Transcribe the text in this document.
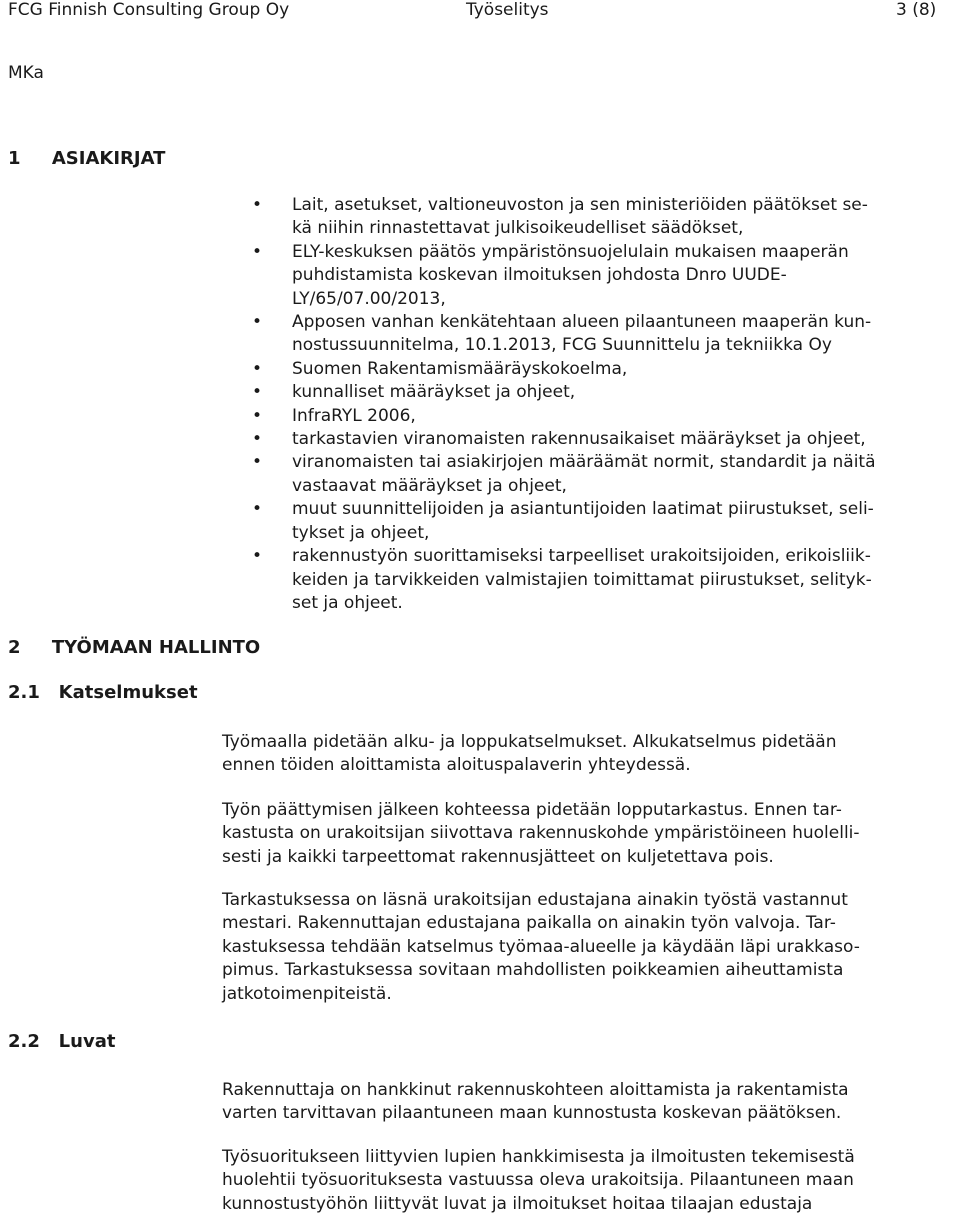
FCG Finnish Consulting Group Oy	Työselitys	3 (8)
MKa
1     ASIAKIRJAT
• Lait, asetukset, valtioneuvoston ja sen ministeriöiden päätökset se-
kä niihin rinnastettavat julkisoikeudelliset säädökset,
• ELY-keskuksen päätös ympäristönsuojelulain mukaisen maaperän
puhdistamista koskevan ilmoituksen johdosta Dnro UUDE-
LY/65/07.00/2013,
• Apposen vanhan kenkätehtaan alueen pilaantuneen maaperän kun-
nostussuunnitelma, 10.1.2013, FCG Suunnittelu ja tekniikka Oy
• Suomen Rakentamismääräyskokoelma,
• kunnalliset määräykset ja ohjeet,
• InfraRYL 2006,
• tarkastavien viranomaisten rakennusaikaiset määräykset ja ohjeet,
• viranomaisten tai asiakirjojen määräämät normit, standardit ja näitä
vastaavat määräykset ja ohjeet,
• muut suunnittelijoiden ja asiantuntijoiden laatimat piirustukset, seli-
tykset ja ohjeet,
• rakennustyön suorittamiseksi tarpeelliset urakoitsijoiden, erikoisliik-
keiden ja tarvikkeiden valmistajien toimittamat piirustukset, selityk-
set ja ohjeet.
2     TYÖMAAN HALLINTO
2.1   Katselmukset
Työmaalla pidetään alku- ja loppukatselmukset. Alkukatselmus pidetään
ennen töiden aloittamista aloituspalaverin yhteydessä.
Työn päättymisen jälkeen kohteessa pidetään lopputarkastus. Ennen tar-
kastusta on urakoitsijan siivottava rakennuskohde ympäristöineen huolelli-
sesti ja kaikki tarpeettomat rakennusjätteet on kuljetettava pois.
Tarkastuksessa on läsnä urakoitsijan edustajana ainakin työstä vastannut
mestari. Rakennuttajan edustajana paikalla on ainakin työn valvoja. Tar-
kastuksessa tehdään katselmus työmaa-alueelle ja käydään läpi urakkaso-
pimus. Tarkastuksessa sovitaan mahdollisten poikkeamien aiheuttamista
jatkotoimenpiteistä.
2.2   Luvat
Rakennuttaja on hankkinut rakennuskohteen aloittamista ja rakentamista
varten tarvittavan pilaantuneen maan kunnostusta koskevan päätöksen.
Työsuoritukseen liittyvien lupien hankkimisesta ja ilmoitusten tekemisestä
huolehtii työsuorituksesta vastuussa oleva urakoitsija. Pilaantuneen maan
kunnostustyöhön liittyvät luvat ja ilmoitukset hoitaa tilaajan edustaja
